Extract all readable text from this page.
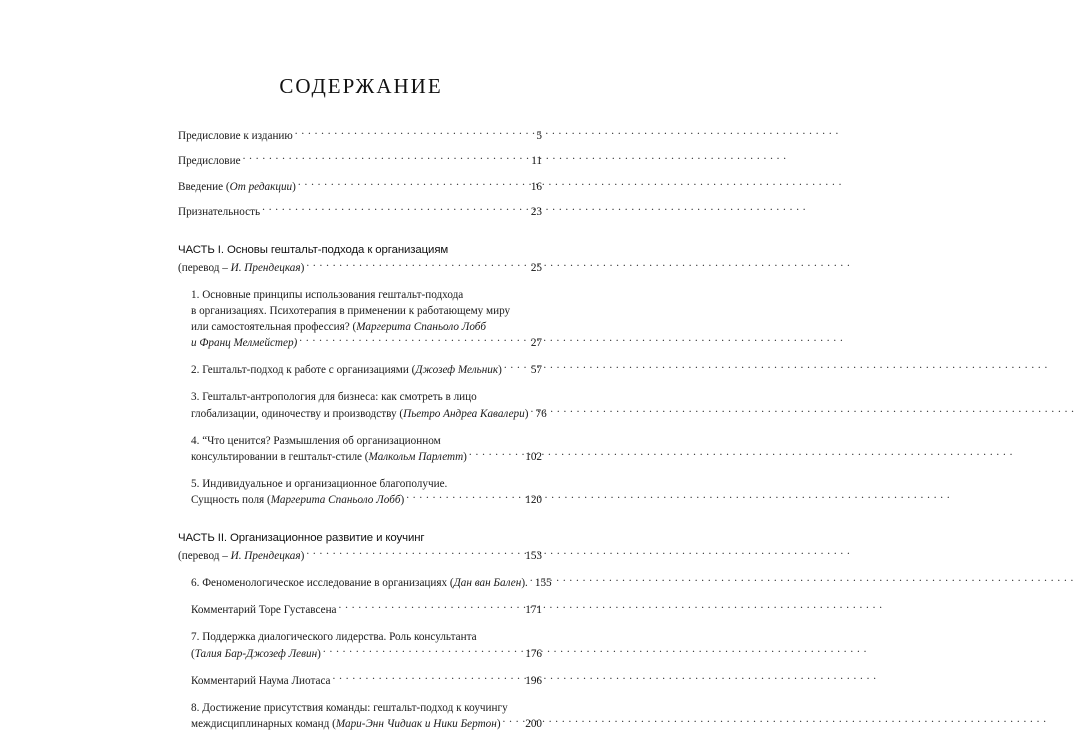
СОДЕРЖАНИЕ
Предисловие к изданию . . .	5
Предисловие . . .	11
Введение (От редакции) . . .	16
Признательность . . .	23
ЧАСТЬ I. Основы гештальт-подхода к организациям
(перевод – И. Прендецкая) . . .	25
1. Основные принципы использования гештальт-подхода
в организациях. Психотерапия в применении к работающему миру
или самостоятельная профессия? (Маргерита Спаньоло Лобб
и Франц Мелмейстер) . . .	27
2. Гештальт-подход к работе с организациями (Джозеф Мельник) . . .	57
3. Гештальт-антропология для бизнеса: как смотреть в лицо
глобализации, одиночеству и производству (Пьетро Андреа Кавалери) . . . 76
4. “Что ценится? Размышления об организационном
консультировании в гештальт-стиле (Малкольм Парлетт) . . .	102
5. Индивидуальное и организационное благополучие.
Сущность поля (Маргерита Спаньоло Лобб) . . .	120
ЧАСТЬ II. Организационное развитие и коучинг
(перевод – И. Прендецкая) . . .	153
6. Феноменологическое исследование в организациях (Дан ван Бален). . . . 155
Комментарий Торе Густавсена . . .	171
7. Поддержка диалогического лидерства. Роль консультанта
(Талия Бар-Джозеф Левин) . . .	176
Комментарий Наума Лиотаса . . .	196
8. Достижение присутствия команды: гештальт-подход к коучингу
междисциплинарных команд (Мари-Энн Чидиак и Ники Бертон) . . . 200
